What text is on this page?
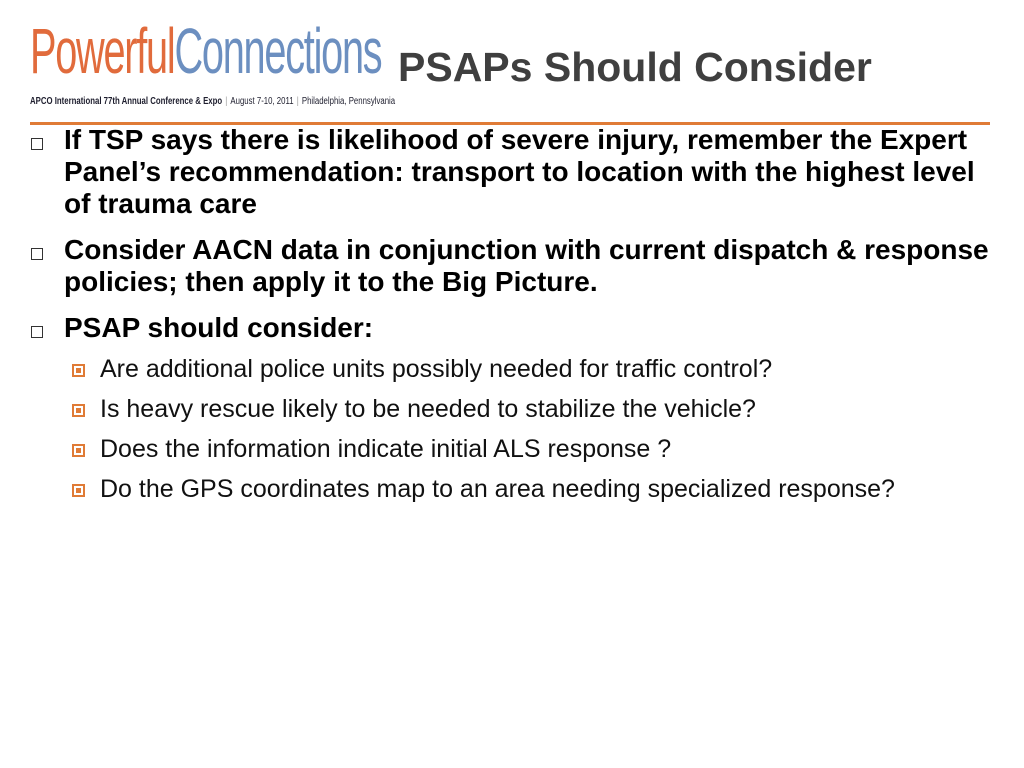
PowerfulConnections
APCO International 77th Annual Conference & Expo | August 7-10, 2011 | Philadelphia, Pennsylvania
PSAPs Should Consider
If TSP says there is likelihood of severe injury, remember the Expert Panel’s recommendation: transport to location with the highest level of trauma care
Consider AACN data in conjunction with current dispatch & response policies; then apply it to the Big Picture.
PSAP should consider:
Are additional police units possibly needed for traffic control?
Is heavy rescue likely to be needed to stabilize the vehicle?
Does the information indicate initial ALS response ?
Do the GPS coordinates map to an area needing specialized response?
